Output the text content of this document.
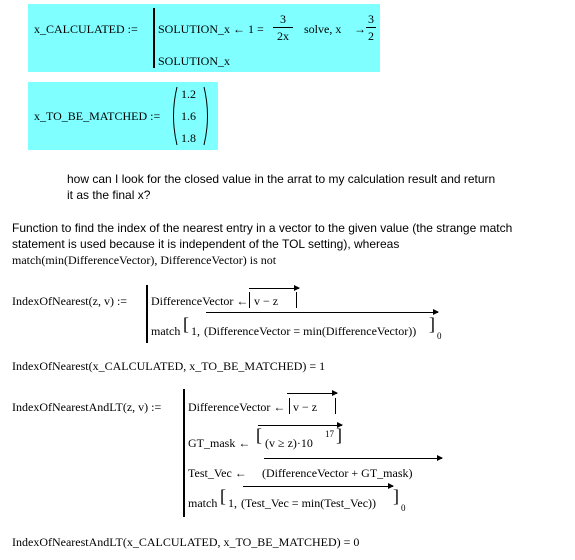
x_CALCULATED := SOLUTION_x ← 1 =
3
2x	solve, x →
3
2
SOLUTION_x
x_TO_BE_MATCHED :=
1.2
1.6
1.8
how can I look for the closed value in the arrat to my calculation result and return
it as the final x?
Function to find the index of the nearest entry in a vector to the given value (the strange match
statement is used because it is independent of the TOL setting), whereas
match(min(DifferenceVector), DifferenceVector) is not
IndexOfNearest(z, v) := DifferenceVector ← v − z
match [ 1, (DifferenceVector = min(DifferenceVector)) ]
0
IndexOfNearest(x_CALCULATED, x_TO_BE_MATCHED) = 1
IndexOfNearestAndLT(z, v) := DifferenceVector ← v − z
GT_mask ← [ (v ≥ z)·10
17 ]
Test_Vec ← (DifferenceVector + GT_mask)
match [ 1, (Test_Vec = min(Test_Vec)) ]
0
IndexOfNearestAndLT(x_CALCULATED, x_TO_BE_MATCHED) = 0
